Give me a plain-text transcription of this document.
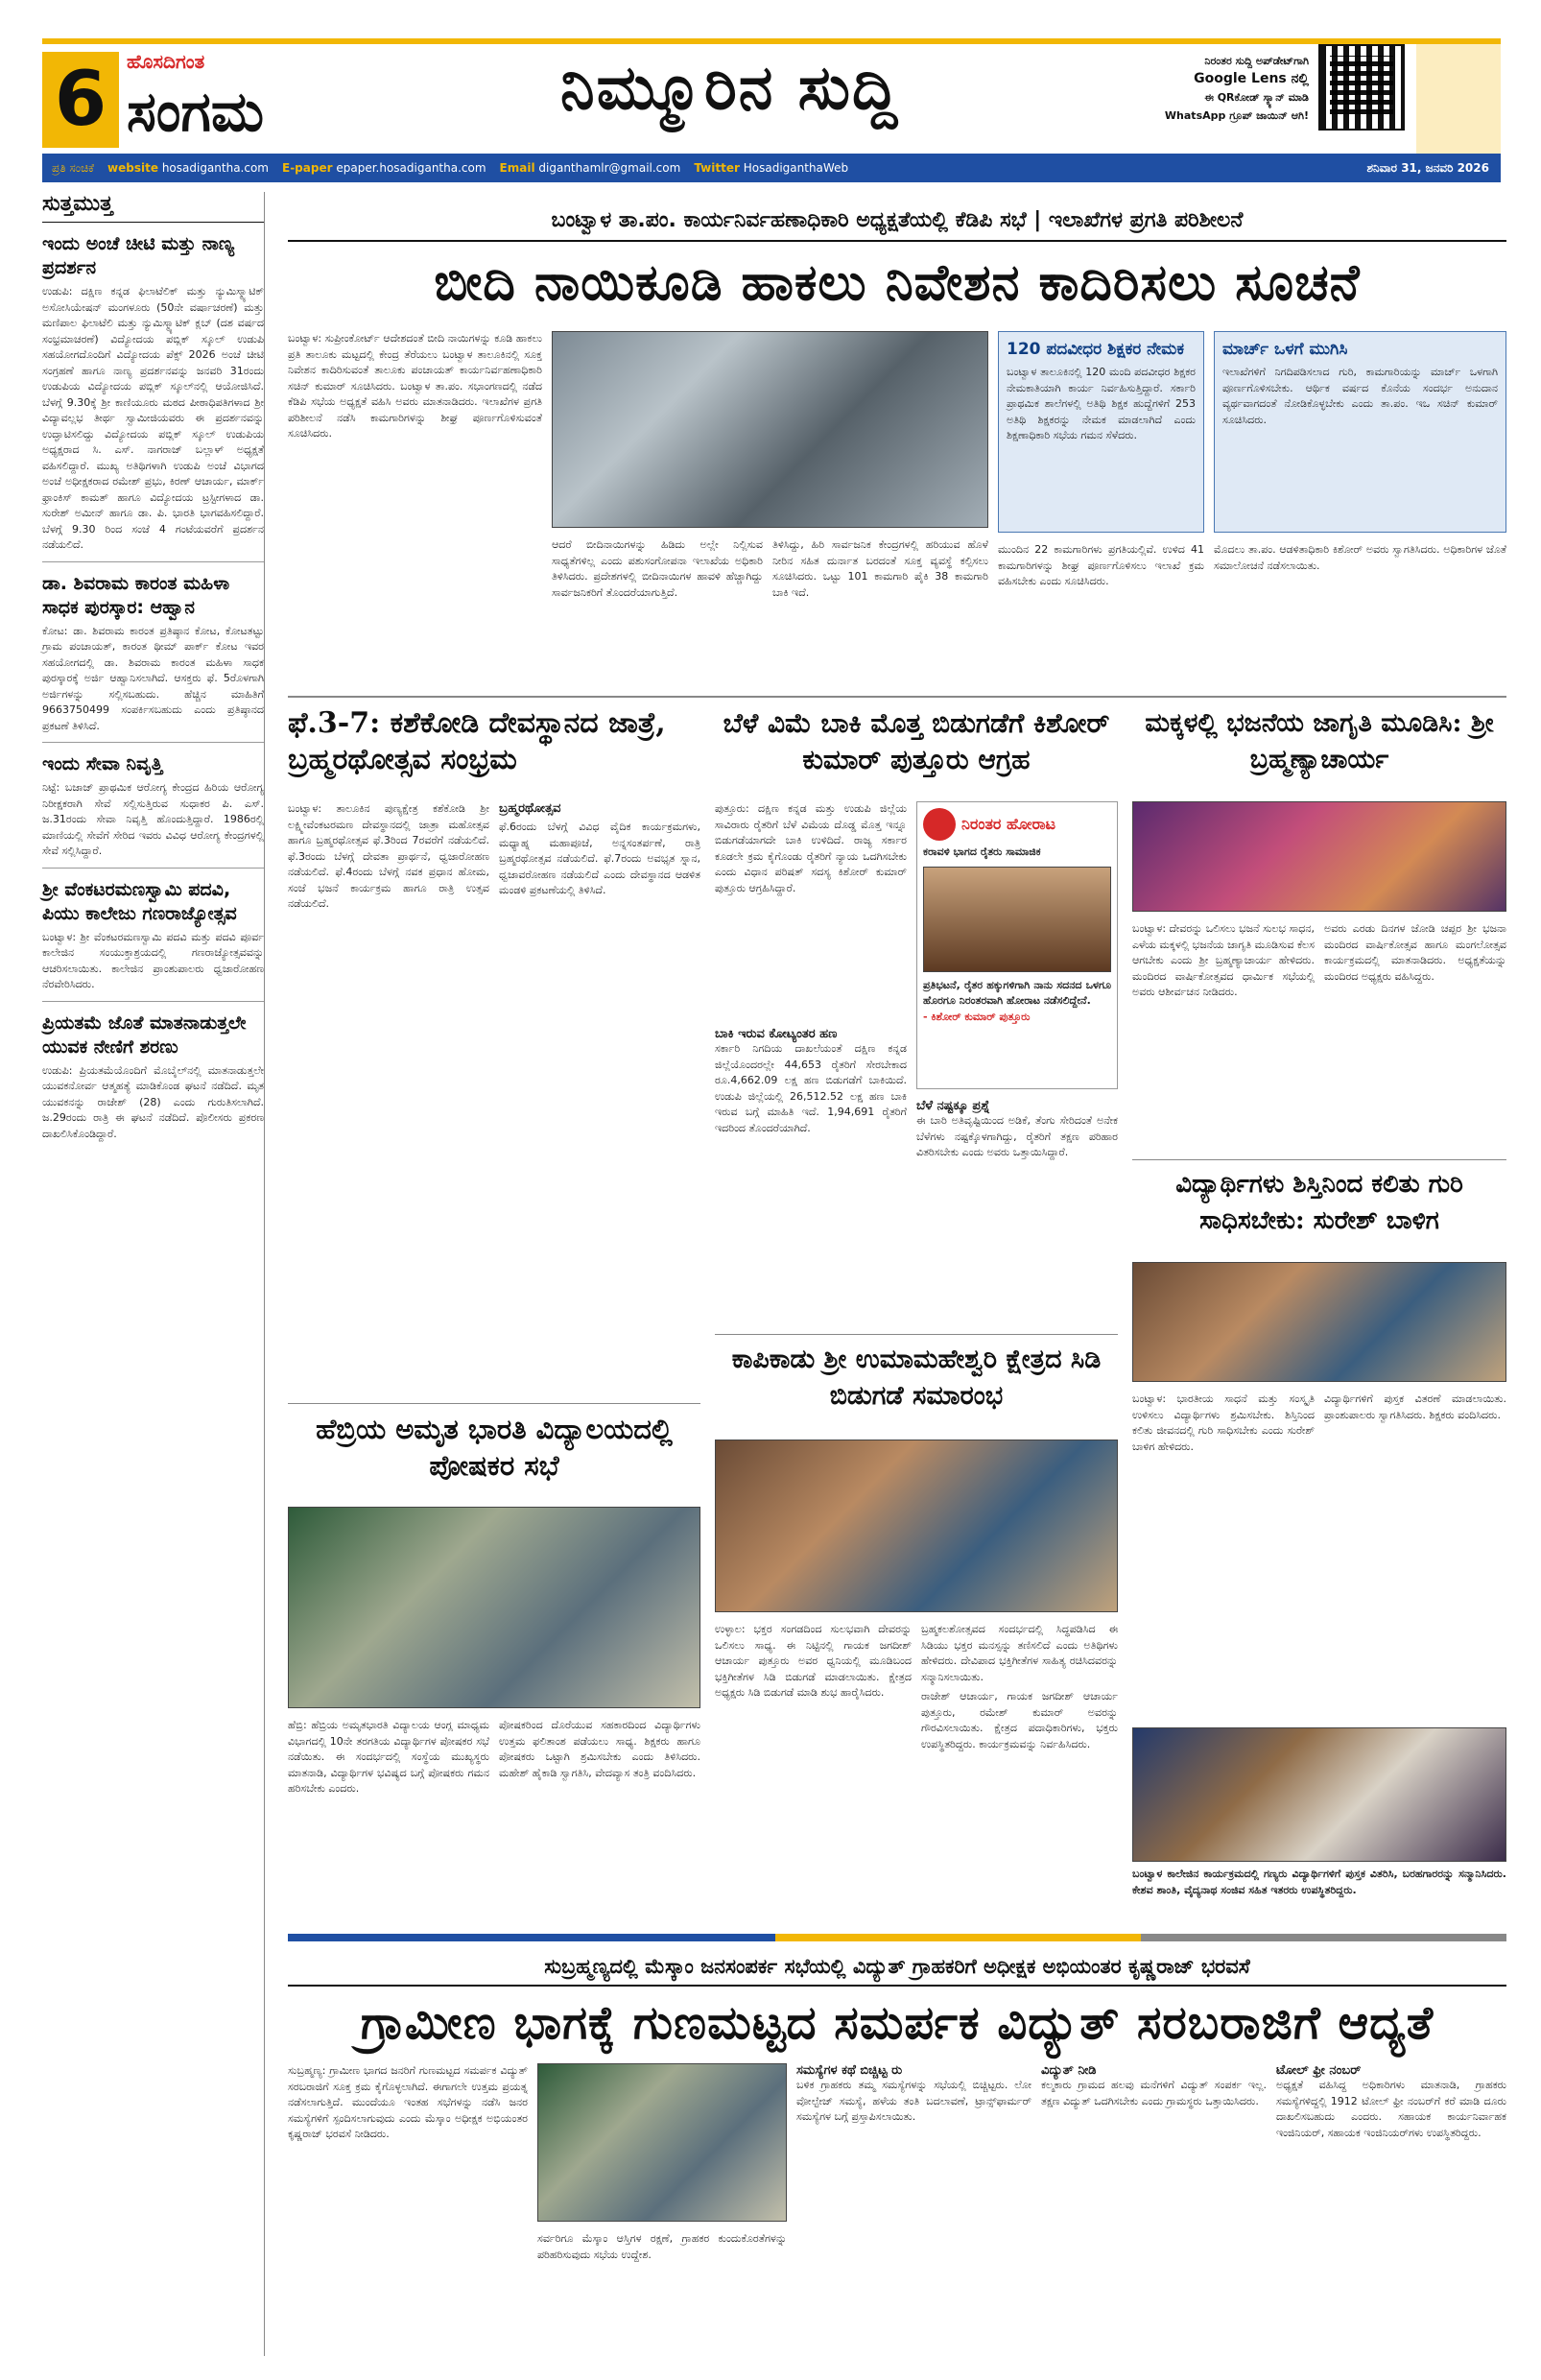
6	ಹೊಸದಿಗಂತ
ಸಂಗಮ	ನಿಮ್ಮೂರಿನ ಸುದ್ದಿ	ನಿರಂತರ ಸುದ್ದಿ ಅಪ್‌ಡೇಟ್‌ಗಾಗಿ
Google Lens ನಲ್ಲಿ
ಈ QRಕೋಡ್ ಸ್ಕ್ಯಾನ್ ಮಾಡಿ
WhatsApp ಗ್ರೂಪ್ ಜಾಯಿನ್ ಆಗಿ!
ಪ್ರತಿ ಸಂಚಿಕೆ website hosadigantha.com E-paper epaper.hosadigantha.com Email diganthamlr@gmail.com Twitter HosadiganthaWeb	ಶನಿವಾರ 31, ಜನವರಿ 2026
ಸುತ್ತಮುತ್ತ
ಇಂದು ಅಂಚೆ ಚೀಟಿ ಮತ್ತು ನಾಣ್ಯ ಪ್ರದರ್ಶನ
ಉಡುಪಿ: ದಕ್ಷಿಣ ಕನ್ನಡ ಫಿಲಾಟೆಲಿಕ್ ಮತ್ತು ನ್ಯುಮಿಸ್ಮ್ಯಾಟಿಕ್ ಅಸೋಸಿಯೇಷನ್ ಮಂಗಳೂರು (50ನೇ ವರ್ಷಾಚರಣೆ) ಮತ್ತು ಮಣಿಪಾಲ ಫಿಲಾಟೆಲಿ ಮತ್ತು ನ್ಯುಮಿಸ್ಮ್ಯಾಟಿಕ್ ಕ್ಲಬ್ (ದಶ ವರ್ಷದ ಸಂಭ್ರಮಾಚರಣೆ) ವಿದ್ಯೋದಯ ಪಬ್ಲಿಕ್ ಸ್ಕೂಲ್ ಉಡುಪಿ ಸಹಯೋಗದೊಂದಿಗೆ ವಿದ್ಯೋದಯ ಪೆಕ್ಸ್ 2026 ಅಂಚೆ ಚೀಟಿ ಸಂಗ್ರಹಣೆ ಹಾಗೂ ನಾಣ್ಯ ಪ್ರದರ್ಶನವನ್ನು ಜನವರಿ 31ರಂದು ಉಡುಪಿಯ ವಿದ್ಯೋದಯ ಪಬ್ಲಿಕ್ ಸ್ಕೂಲ್‌ನಲ್ಲಿ ಆಯೋಜಿಸಿದೆ. ಬೆಳಗ್ಗೆ 9.30ಕ್ಕೆ ಶ್ರೀ ಕಾಣಿಯೂರು ಮಠದ ಪೀಠಾಧಿಪತಿಗಳಾದ ಶ್ರೀ ವಿದ್ಯಾವಲ್ಲಭ ತೀರ್ಥ ಸ್ವಾಮೀಜಿಯವರು ಈ ಪ್ರದರ್ಶನವನ್ನು ಉದ್ಘಾಟಿಸಲಿದ್ದು ವಿದ್ಯೋದಯ ಪಬ್ಲಿಕ್ ಸ್ಕೂಲ್ ಉಡುಪಿಯ ಅಧ್ಯಕ್ಷರಾದ ಸಿ. ಎಸ್. ನಾಗರಾಜ್ ಬಲ್ಲಾಳ್ ಅಧ್ಯಕ್ಷತೆ ವಹಿಸಲಿದ್ದಾರೆ. ಮುಖ್ಯ ಅತಿಥಿಗಳಾಗಿ ಉಡುಪಿ ಅಂಚೆ ವಿಭಾಗದ ಅಂಚೆ ಅಧೀಕ್ಷಕರಾದ ರಮೇಶ್ ಪ್ರಭು, ಕಿರಣ್ ಆಚಾರ್ಯ, ಮಾರ್ಕ್ ಫ್ರಾಂಕಿಸ್ ಕಾಮತ್ ಹಾಗೂ ವಿದ್ಯೋದಯ ಟ್ರಸ್ಟೀಗಳಾದ ಡಾ. ಸುರೇಶ್ ಅಮೀನ್ ಹಾಗೂ ಡಾ. ಪಿ. ಭಾರತಿ ಭಾಗವಹಿಸಲಿದ್ದಾರೆ. ಬೆಳಗ್ಗೆ 9.30 ರಿಂದ ಸಂಜೆ 4 ಗಂಟೆಯವರೆಗೆ ಪ್ರದರ್ಶನ ನಡೆಯಲಿದೆ.
ಡಾ. ಶಿವರಾಮ ಕಾರಂತ ಮಹಿಳಾ ಸಾಧಕ ಪುರಸ್ಕಾರ: ಆಹ್ವಾನ
ಕೋಟ: ಡಾ. ಶಿವರಾಮ ಕಾರಂತ ಪ್ರತಿಷ್ಠಾನ ಕೋಟ, ಕೋಟತಟ್ಟು ಗ್ರಾಮ ಪಂಚಾಯತ್, ಕಾರಂತ ಥೀಮ್ ಪಾರ್ಕ್ ಕೋಟ ಇವರ ಸಹಯೋಗದಲ್ಲಿ ಡಾ. ಶಿವರಾಮ ಕಾರಂತ ಮಹಿಳಾ ಸಾಧಕ ಪುರಸ್ಕಾರಕ್ಕೆ ಅರ್ಜಿ ಆಹ್ವಾನಿಸಲಾಗಿದೆ. ಆಸಕ್ತರು ಫೆ. 5ರೊಳಗಾಗಿ ಅರ್ಜಿಗಳನ್ನು ಸಲ್ಲಿಸಬಹುದು. ಹೆಚ್ಚಿನ ಮಾಹಿತಿಗೆ 9663750499 ಸಂಪರ್ಕಿಸಬಹುದು ಎಂದು ಪ್ರತಿಷ್ಠಾನದ ಪ್ರಕಟಣೆ ತಿಳಿಸಿದೆ.
ಇಂದು ಸೇವಾ ನಿವೃತ್ತಿ
ನಿಟ್ಟೆ: ಬಜಾಜ್ ಪ್ರಾಥಮಿಕ ಆರೋಗ್ಯ ಕೇಂದ್ರದ ಹಿರಿಯ ಆರೋಗ್ಯ ನಿರೀಕ್ಷಕರಾಗಿ ಸೇವೆ ಸಲ್ಲಿಸುತ್ತಿರುವ ಸುಧಾಕರ ಪಿ. ಎಸ್. ಜ.31ರಂದು ಸೇವಾ ನಿವೃತ್ತಿ ಹೊಂದುತ್ತಿದ್ದಾರೆ. 1986ರಲ್ಲಿ ಮಾಣಿಯಲ್ಲಿ ಸೇವೆಗೆ ಸೇರಿದ ಇವರು ವಿವಿಧ ಆರೋಗ್ಯ ಕೇಂದ್ರಗಳಲ್ಲಿ ಸೇವೆ ಸಲ್ಲಿಸಿದ್ದಾರೆ.
ಶ್ರೀ ವೆಂಕಟರಮಣಸ್ವಾಮಿ ಪದವಿ, ಪಿಯು ಕಾಲೇಜು ಗಣರಾಜ್ಯೋತ್ಸವ
ಬಂಟ್ವಾಳ: ಶ್ರೀ ವೆಂಕಟರಮಣಸ್ವಾಮಿ ಪದವಿ ಮತ್ತು ಪದವಿ ಪೂರ್ವ ಕಾಲೇಜಿನ ಸಂಯುಕ್ತಾಶ್ರಯದಲ್ಲಿ ಗಣರಾಜ್ಯೋತ್ಸವವನ್ನು ಆಚರಿಸಲಾಯಿತು. ಕಾಲೇಜಿನ ಪ್ರಾಂಶುಪಾಲರು ಧ್ವಜಾರೋಹಣ ನೆರವೇರಿಸಿದರು.
ಪ್ರಿಯತಮೆ ಜೊತೆ ಮಾತನಾಡುತ್ತಲೇ ಯುವಕ ನೇಣಿಗೆ ಶರಣು
ಉಡುಪಿ: ಪ್ರಿಯತಮೆಯೊಂದಿಗೆ ಮೊಬೈಲ್‌ನಲ್ಲಿ ಮಾತನಾಡುತ್ತಲೇ ಯುವಕನೋರ್ವ ಆತ್ಮಹತ್ಯೆ ಮಾಡಿಕೊಂಡ ಘಟನೆ ನಡೆದಿದೆ. ಮೃತ ಯುವಕನನ್ನು ರಾಜೇಶ್ (28) ಎಂದು ಗುರುತಿಸಲಾಗಿದೆ. ಜ.29ರಂದು ರಾತ್ರಿ ಈ ಘಟನೆ ನಡೆದಿದೆ. ಪೊಲೀಸರು ಪ್ರಕರಣ ದಾಖಲಿಸಿಕೊಂಡಿದ್ದಾರೆ.
ಬಂಟ್ವಾಳ ತಾ.ಪಂ. ಕಾರ್ಯನಿರ್ವಹಣಾಧಿಕಾರಿ ಅಧ್ಯಕ್ಷತೆಯಲ್ಲಿ ಕೆಡಿಪಿ ಸಭೆ | ಇಲಾಖೆಗಳ ಪ್ರಗತಿ ಪರಿಶೀಲನೆ
ಬೀದಿ ನಾಯಿಕೂಡಿ ಹಾಕಲು ನಿವೇಶನ ಕಾದಿರಿಸಲು ಸೂಚನೆ
ಬಂಟ್ವಾಳ: ಸುಪ್ರೀಂಕೋರ್ಟ್ ಆದೇಶದಂತೆ ಬೀದಿ ನಾಯಿಗಳನ್ನು ಕೂಡಿ ಹಾಕಲು ಪ್ರತಿ ತಾಲೂಕು ಮಟ್ಟದಲ್ಲಿ ಕೇಂದ್ರ ತೆರೆಯಲು ಬಂಟ್ವಾಳ ತಾಲೂಕಿನಲ್ಲಿ ಸೂಕ್ತ ನಿವೇಶನ ಕಾದಿರಿಸುವಂತೆ ತಾಲೂಕು ಪಂಚಾಯತ್ ಕಾರ್ಯನಿರ್ವಹಣಾಧಿಕಾರಿ ಸಚಿನ್ ಕುಮಾರ್ ಸೂಚಿಸಿದರು. ಬಂಟ್ವಾಳ ತಾ.ಪಂ. ಸಭಾಂಗಣದಲ್ಲಿ ನಡೆದ ಕೆಡಿಪಿ ಸಭೆಯ ಅಧ್ಯಕ್ಷತೆ ವಹಿಸಿ ಅವರು ಮಾತನಾಡಿದರು. ಇಲಾಖೆಗಳ ಪ್ರಗತಿ ಪರಿಶೀಲನೆ ನಡೆಸಿ ಕಾಮಗಾರಿಗಳನ್ನು ಶೀಘ್ರ ಪೂರ್ಣಗೊಳಿಸುವಂತೆ ಸೂಚಿಸಿದರು.
ಆದರೆ ಬೀದಿನಾಯಿಗಳನ್ನು ಹಿಡಿದು ಅಲ್ಲೇ ನಿಲ್ಲಿಸುವ ಸಾಧ್ಯತೆಗಳಿಲ್ಲ ಎಂದು ಪಶುಸಂಗೋಪನಾ ಇಲಾಖೆಯ ಅಧಿಕಾರಿ ತಿಳಿಸಿದರು. ಪ್ರದೇಶಗಳಲ್ಲಿ ಬೀದಿನಾಯಿಗಳ ಹಾವಳಿ ಹೆಚ್ಚಾಗಿದ್ದು ಸಾರ್ವಜನಿಕರಿಗೆ ತೊಂದರೆಯಾಗುತ್ತಿದೆ.
ತಿಳಿಸಿದ್ದು, ಹಿರಿ ಸಾರ್ವಜನಿಕ ಕೇಂದ್ರಗಳಲ್ಲಿ ಹರಿಯುವ ಹೊಳೆ ನೀರಿನ ಸಹಿತ ದುರ್ನಾತ ಬರದಂತೆ ಸೂಕ್ತ ವ್ಯವಸ್ಥೆ ಕಲ್ಪಿಸಲು ಸೂಚಿಸಿದರು. ಒಟ್ಟು 101 ಕಾಮಗಾರಿ ಪೈಕಿ 38 ಕಾಮಗಾರಿ ಬಾಕಿ ಇದೆ.
120 ಪದವೀಧರ ಶಿಕ್ಷಕರ ನೇಮಕ
ಬಂಟ್ವಾಳ ತಾಲೂಕಿನಲ್ಲಿ 120 ಮಂದಿ ಪದವೀಧರ ಶಿಕ್ಷಕರ ನೇಮಕಾತಿಯಾಗಿ ಕಾರ್ಯ ನಿರ್ವಹಿಸುತ್ತಿದ್ದಾರೆ. ಸರ್ಕಾರಿ ಪ್ರಾಥಮಿಕ ಶಾಲೆಗಳಲ್ಲಿ ಅತಿಥಿ ಶಿಕ್ಷಕ ಹುದ್ದೆಗಳಿಗೆ 253 ಅತಿಥಿ ಶಿಕ್ಷಕರನ್ನು ನೇಮಕ ಮಾಡಲಾಗಿದೆ ಎಂದು ಶಿಕ್ಷಣಾಧಿಕಾರಿ ಸಭೆಯ ಗಮನ ಸೆಳೆದರು.
ಮುಂದಿನ 22 ಕಾಮಗಾರಿಗಳು ಪ್ರಗತಿಯಲ್ಲಿವೆ. ಉಳಿದ 41 ಕಾಮಗಾರಿಗಳನ್ನು ಶೀಘ್ರ ಪೂರ್ಣಗೊಳಿಸಲು ಇಲಾಖೆ ಕ್ರಮ ವಹಿಸಬೇಕು ಎಂದು ಸೂಚಿಸಿದರು.
ಮಾರ್ಚ್ ಒಳಗೆ ಮುಗಿಸಿ
ಇಲಾಖೆಗಳಿಗೆ ನಿಗದಿಪಡಿಸಲಾದ ಗುರಿ, ಕಾಮಗಾರಿಯನ್ನು ಮಾರ್ಚ್ ಒಳಗಾಗಿ ಪೂರ್ಣಗೊಳಿಸಬೇಕು. ಆರ್ಥಿಕ ವರ್ಷದ ಕೊನೆಯ ಸಂದರ್ಭ ಅನುದಾನ ವ್ಯರ್ಥವಾಗದಂತೆ ನೋಡಿಕೊಳ್ಳಬೇಕು ಎಂದು ತಾ.ಪಂ. ಇಒ ಸಚಿನ್ ಕುಮಾರ್ ಸೂಚಿಸಿದರು.
ಮೊದಲು ತಾ.ಪಂ. ಆಡಳಿತಾಧಿಕಾರಿ ಕಿಶೋರ್ ಅವರು ಸ್ವಾಗತಿಸಿದರು. ಅಧಿಕಾರಿಗಳ ಜೊತೆ ಸಮಾಲೋಚನೆ ನಡೆಸಲಾಯಿತು.
ಫೆ.3-7: ಕಶೆಕೋಡಿ ದೇವಸ್ಥಾನದ ಜಾತ್ರೆ, ಬ್ರಹ್ಮರಥೋತ್ಸವ ಸಂಭ್ರಮ
ಬಂಟ್ವಾಳ: ತಾಲೂಕಿನ ಪುಣ್ಯಕ್ಷೇತ್ರ ಕಶೆಕೋಡಿ ಶ್ರೀ ಲಕ್ಷ್ಮೀವೆಂಕಟರಮಣ ದೇವಸ್ಥಾನದಲ್ಲಿ ಜಾತ್ರಾ ಮಹೋತ್ಸವ ಹಾಗೂ ಬ್ರಹ್ಮರಥೋತ್ಸವ ಫೆ.3ರಿಂದ 7ರವರೆಗೆ ನಡೆಯಲಿದೆ. ಫೆ.3ರಂದು ಬೆಳಗ್ಗೆ ದೇವತಾ ಪ್ರಾರ್ಥನೆ, ಧ್ವಜಾರೋಹಣ ನಡೆಯಲಿದೆ. ಫೆ.4ರಂದು ಬೆಳಗ್ಗೆ ನವಕ ಪ್ರಧಾನ ಹೋಮ, ಸಂಜೆ ಭಜನೆ ಕಾರ್ಯಕ್ರಮ ಹಾಗೂ ರಾತ್ರಿ ಉತ್ಸವ ನಡೆಯಲಿದೆ.
ಬ್ರಹ್ಮರಥೋತ್ಸವ
ಫೆ.6ರಂದು ಬೆಳಗ್ಗೆ ವಿವಿಧ ವೈದಿಕ ಕಾರ್ಯಕ್ರಮಗಳು, ಮಧ್ಯಾಹ್ನ ಮಹಾಪೂಜೆ, ಅನ್ನಸಂತರ್ಪಣೆ, ರಾತ್ರಿ ಬ್ರಹ್ಮರಥೋತ್ಸವ ನಡೆಯಲಿದೆ. ಫೆ.7ರಂದು ಅವಭೃತ ಸ್ನಾನ, ಧ್ವಜಾವರೋಹಣ ನಡೆಯಲಿದೆ ಎಂದು ದೇವಸ್ಥಾನದ ಆಡಳಿತ ಮಂಡಳಿ ಪ್ರಕಟಣೆಯಲ್ಲಿ ತಿಳಿಸಿದೆ.
ಬೆಳೆ ವಿಮೆ ಬಾಕಿ ಮೊತ್ತ ಬಿಡುಗಡೆಗೆ ಕಿಶೋರ್ ಕುಮಾರ್ ಪುತ್ತೂರು ಆಗ್ರಹ
ಪುತ್ತೂರು: ದಕ್ಷಿಣ ಕನ್ನಡ ಮತ್ತು ಉಡುಪಿ ಜಿಲ್ಲೆಯ ಸಾವಿರಾರು ರೈತರಿಗೆ ಬೆಳೆ ವಿಮೆಯ ದೊಡ್ಡ ಮೊತ್ತ ಇನ್ನೂ ಬಿಡುಗಡೆಯಾಗದೇ ಬಾಕಿ ಉಳಿದಿದೆ. ರಾಜ್ಯ ಸರ್ಕಾರ ಕೂಡಲೇ ಕ್ರಮ ಕೈಗೊಂಡು ರೈತರಿಗೆ ನ್ಯಾಯ ಒದಗಿಸಬೇಕು ಎಂದು ವಿಧಾನ ಪರಿಷತ್ ಸದಸ್ಯ ಕಿಶೋರ್ ಕುಮಾರ್ ಪುತ್ತೂರು ಆಗ್ರಹಿಸಿದ್ದಾರೆ.
ನಿರಂತರ ಹೋರಾಟ
ಕರಾವಳಿ ಭಾಗದ ರೈತರು ಸಾಮಾಜಿಕ
ಪ್ರತಿಭಟನೆ, ರೈತರ ಹಕ್ಕುಗಳಿಗಾಗಿ ನಾನು ಸದನದ ಒಳಗೂ ಹೊರಗೂ ನಿರಂತರವಾಗಿ ಹೋರಾಟ ನಡೆಸಲಿದ್ದೇನೆ.
- ಕಿಶೋರ್ ಕುಮಾರ್ ಪುತ್ತೂರು
ಬಾಕಿ ಇರುವ ಕೋಟ್ಯಂತರ ಹಣ
ಸರ್ಕಾರಿ ನಿಗದಿಯ ದಾಖಲೆಯಂತೆ ದಕ್ಷಿಣ ಕನ್ನಡ ಜಿಲ್ಲೆಯೊಂದರಲ್ಲೇ 44,653 ರೈತರಿಗೆ ಸೇರಬೇಕಾದ ರೂ.4,662.09 ಲಕ್ಷ ಹಣ ಬಿಡುಗಡೆಗೆ ಬಾಕಿಯಿದೆ. ಉಡುಪಿ ಜಿಲ್ಲೆಯಲ್ಲಿ 26,512.52 ಲಕ್ಷ ಹಣ ಬಾಕಿ ಇರುವ ಬಗ್ಗೆ ಮಾಹಿತಿ ಇದೆ. 1,94,691 ರೈತರಿಗೆ ಇದರಿಂದ ತೊಂದರೆಯಾಗಿದೆ.
ಬೆಳೆ ನಷ್ಟಕ್ಕೂ ಪ್ರಶ್ನೆ
ಈ ಬಾರಿ ಅತಿವೃಷ್ಟಿಯಿಂದ ಅಡಿಕೆ, ತೆಂಗು ಸೇರಿದಂತೆ ಅನೇಕ ಬೆಳೆಗಳು ನಷ್ಟಕ್ಕೊಳಗಾಗಿದ್ದು, ರೈತರಿಗೆ ತಕ್ಷಣ ಪರಿಹಾರ ವಿತರಿಸಬೇಕು ಎಂದು ಅವರು ಒತ್ತಾಯಿಸಿದ್ದಾರೆ.
ಮಕ್ಕಳಲ್ಲಿ ಭಜನೆಯ ಜಾಗೃತಿ ಮೂಡಿಸಿ: ಶ್ರೀ ಬ್ರಹ್ಮಣ್ಯಾಚಾರ್ಯ
ಬಂಟ್ವಾಳ: ದೇವರನ್ನು ಒಲಿಸಲು ಭಜನೆ ಸುಲಭ ಸಾಧನ, ಎಳೆಯ ಮಕ್ಕಳಲ್ಲಿ ಭಜನೆಯ ಜಾಗೃತಿ ಮೂಡಿಸುವ ಕೆಲಸ ಆಗಬೇಕು ಎಂದು ಶ್ರೀ ಬ್ರಹ್ಮಣ್ಯಾಚಾರ್ಯ ಹೇಳಿದರು. ಮಂದಿರದ ವಾರ್ಷಿಕೋತ್ಸವದ ಧಾರ್ಮಿಕ ಸಭೆಯಲ್ಲಿ ಅವರು ಆಶೀರ್ವಚನ ನೀಡಿದರು.
ಅವರು ಎರಡು ದಿನಗಳ ಜೋಡಿ ಚಪ್ಪರ ಶ್ರೀ ಭಜನಾ ಮಂದಿರದ ವಾರ್ಷಿಕೋತ್ಸವ ಹಾಗೂ ಮಂಗಲೋತ್ಸವ ಕಾರ್ಯಕ್ರಮದಲ್ಲಿ ಮಾತನಾಡಿದರು. ಅಧ್ಯಕ್ಷತೆಯನ್ನು ಮಂದಿರದ ಅಧ್ಯಕ್ಷರು ವಹಿಸಿದ್ದರು.
ವಿದ್ಯಾರ್ಥಿಗಳು ಶಿಸ್ತಿನಿಂದ ಕಲಿತು ಗುರಿ ಸಾಧಿಸಬೇಕು: ಸುರೇಶ್ ಬಾಳಿಗ
ಬಂಟ್ವಾಳ: ಭಾರತೀಯ ಸಾಧನೆ ಮತ್ತು ಸಂಸ್ಕೃತಿ ಉಳಿಸಲು ವಿದ್ಯಾರ್ಥಿಗಳು ಶ್ರಮಿಸಬೇಕು. ಶಿಸ್ತಿನಿಂದ ಕಲಿತು ಜೀವನದಲ್ಲಿ ಗುರಿ ಸಾಧಿಸಬೇಕು ಎಂದು ಸುರೇಶ್ ಬಾಳಿಗ ಹೇಳಿದರು.
ವಿದ್ಯಾರ್ಥಿಗಳಿಗೆ ಪುಸ್ತಕ ವಿತರಣೆ ಮಾಡಲಾಯಿತು. ಪ್ರಾಂಶುಪಾಲರು ಸ್ವಾಗತಿಸಿದರು. ಶಿಕ್ಷಕರು ವಂದಿಸಿದರು.
ಬಂಟ್ವಾಳ ಕಾಲೇಜಿನ ಕಾರ್ಯಕ್ರಮದಲ್ಲಿ ಗಣ್ಯರು ವಿದ್ಯಾರ್ಥಿಗಳಿಗೆ ಪುಸ್ತಕ ವಿತರಿಸಿ, ಬರಹಗಾರರನ್ನು ಸನ್ಮಾನಿಸಿದರು. ಕೇಶವ ಶಾಂತಿ, ವೈದ್ಯನಾಥ ಸಂಜಿವ ಸಹಿತ ಇತರರು ಉಪಸ್ಥಿತರಿದ್ದರು.
ಹೆಬ್ರಿಯ ಅಮೃತ ಭಾರತಿ ವಿದ್ಯಾಲಯದಲ್ಲಿ ಪೋಷಕರ ಸಭೆ
ಹೆಬ್ರಿ: ಹೆಬ್ರಿಯ ಅಮೃತಭಾರತಿ ವಿದ್ಯಾಲಯ ಆಂಗ್ಲ ಮಾಧ್ಯಮ ವಿಭಾಗದಲ್ಲಿ 10ನೇ ತರಗತಿಯ ವಿದ್ಯಾರ್ಥಿಗಳ ಪೋಷಕರ ಸಭೆ ನಡೆಯಿತು. ಈ ಸಂದರ್ಭದಲ್ಲಿ ಸಂಸ್ಥೆಯ ಮುಖ್ಯಸ್ಥರು ಮಾತನಾಡಿ, ವಿದ್ಯಾರ್ಥಿಗಳ ಭವಿಷ್ಯದ ಬಗ್ಗೆ ಪೋಷಕರು ಗಮನ ಹರಿಸಬೇಕು ಎಂದರು.
ಪೋಷಕರಿಂದ ದೊರೆಯುವ ಸಹಕಾರದಿಂದ ವಿದ್ಯಾರ್ಥಿಗಳು ಉತ್ತಮ ಫಲಿತಾಂಶ ಪಡೆಯಲು ಸಾಧ್ಯ. ಶಿಕ್ಷಕರು ಹಾಗೂ ಪೋಷಕರು ಒಟ್ಟಾಗಿ ಶ್ರಮಿಸಬೇಕು ಎಂದು ತಿಳಿಸಿದರು. ಮಹೇಶ್ ಹೈಕಾಡಿ ಸ್ವಾಗತಿಸಿ, ವೇದವ್ಯಾಸ ತಂತ್ರಿ ವಂದಿಸಿದರು.
ಕಾಪಿಕಾಡು ಶ್ರೀ ಉಮಾಮಹೇಶ್ವರಿ ಕ್ಷೇತ್ರದ ಸಿಡಿ ಬಿಡುಗಡೆ ಸಮಾರಂಭ
ಉಳ್ಳಾಲ: ಭಕ್ತರ ಸಂಗಡದಿಂದ ಸುಲಭವಾಗಿ ದೇವರನ್ನು ಒಲಿಸಲು ಸಾಧ್ಯ. ಈ ನಿಟ್ಟಿನಲ್ಲಿ ಗಾಯಕ ಜಗದೀಶ್ ಆಚಾರ್ಯ ಪುತ್ತೂರು ಅವರ ಧ್ವನಿಯಲ್ಲಿ ಮೂಡಿಬಂದ ಭಕ್ತಿಗೀತೆಗಳ ಸಿಡಿ ಬಿಡುಗಡೆ ಮಾಡಲಾಯಿತು. ಕ್ಷೇತ್ರದ ಅಧ್ಯಕ್ಷರು ಸಿಡಿ ಬಿಡುಗಡೆ ಮಾಡಿ ಶುಭ ಹಾರೈಸಿದರು.
ಬ್ರಹ್ಮಕಲಶೋತ್ಸವದ ಸಂದರ್ಭದಲ್ಲಿ ಸಿದ್ಧಪಡಿಸಿದ ಈ ಸಿಡಿಯು ಭಕ್ತರ ಮನಸ್ಸನ್ನು ತಣಿಸಲಿದೆ ಎಂದು ಅತಿಥಿಗಳು ಹೇಳಿದರು. ದೇವಿಪಾದ ಭಕ್ತಿಗೀತೆಗಳ ಸಾಹಿತ್ಯ ರಚಿಸಿದವರನ್ನು ಸನ್ಮಾನಿಸಲಾಯಿತು.
ರಾಜೇಶ್ ಆಚಾರ್ಯ, ಗಾಯಕ ಜಗದೀಶ್ ಆಚಾರ್ಯ ಪುತ್ತೂರು, ರಮೇಶ್ ಕುಮಾರ್ ಅವರನ್ನು ಗೌರವಿಸಲಾಯಿತು. ಕ್ಷೇತ್ರದ ಪದಾಧಿಕಾರಿಗಳು, ಭಕ್ತರು ಉಪಸ್ಥಿತರಿದ್ದರು. ಕಾರ್ಯಕ್ರಮವನ್ನು ನಿರ್ವಹಿಸಿದರು.
ಸುಬ್ರಹ್ಮಣ್ಯದಲ್ಲಿ ಮೆಸ್ಕಾಂ ಜನಸಂಪರ್ಕ ಸಭೆಯಲ್ಲಿ ವಿದ್ಯುತ್ ಗ್ರಾಹಕರಿಗೆ ಅಧೀಕ್ಷಕ ಅಭಿಯಂತರ ಕೃಷ್ಣರಾಜ್ ಭರವಸೆ
ಗ್ರಾಮೀಣ ಭಾಗಕ್ಕೆ ಗುಣಮಟ್ಟದ ಸಮರ್ಪಕ ವಿದ್ಯುತ್ ಸರಬರಾಜಿಗೆ ಆದ್ಯತೆ
ಸುಬ್ರಹ್ಮಣ್ಯ: ಗ್ರಾಮೀಣ ಭಾಗದ ಜನರಿಗೆ ಗುಣಮಟ್ಟದ ಸಮರ್ಪಕ ವಿದ್ಯುತ್ ಸರಬರಾಜಿಗೆ ಸೂಕ್ತ ಕ್ರಮ ಕೈಗೊಳ್ಳಲಾಗಿದೆ. ಈಗಾಗಲೇ ಉತ್ತಮ ಪ್ರಯತ್ನ ನಡೆಸಲಾಗುತ್ತಿದೆ. ಮುಂದೆಯೂ ಇಂತಹ ಸಭೆಗಳನ್ನು ನಡೆಸಿ ಜನರ ಸಮಸ್ಯೆಗಳಿಗೆ ಸ್ಪಂದಿಸಲಾಗುವುದು ಎಂದು ಮೆಸ್ಕಾಂ ಅಧೀಕ್ಷಕ ಅಭಿಯಂತರ ಕೃಷ್ಣರಾಜ್ ಭರವಸೆ ನೀಡಿದರು.
ಸರ್ವರಿಗೂ ಮೆಸ್ಕಾಂ ಆಸ್ತಿಗಳ ರಕ್ಷಣೆ, ಗ್ರಾಹಕರ ಕುಂದುಕೊರತೆಗಳನ್ನು ಪರಿಹರಿಸುವುದು ಸಭೆಯ ಉದ್ದೇಶ.
ಸಮಸ್ಯೆಗಳ ಕಥೆ ಬಿಚ್ಚಿಟ್ಟ ರು
ಬಳಿಕ ಗ್ರಾಹಕರು ತಮ್ಮ ಸಮಸ್ಯೆಗಳನ್ನು ಸಭೆಯಲ್ಲಿ ಬಿಚ್ಚಿಟ್ಟರು. ಲೋ ವೋಲ್ಟೇಜ್ ಸಮಸ್ಯೆ, ಹಳೆಯ ತಂತಿ ಬದಲಾವಣೆ, ಟ್ರಾನ್ಸ್‌ಫಾರ್ಮರ್ ಸಮಸ್ಯೆಗಳ ಬಗ್ಗೆ ಪ್ರಸ್ತಾಪಿಸಲಾಯಿತು.
ವಿದ್ಯುತ್ ನೀಡಿ
ಕಲ್ಮಕಾರು ಗ್ರಾಮದ ಹಲವು ಮನೆಗಳಿಗೆ ವಿದ್ಯುತ್ ಸಂಪರ್ಕ ಇಲ್ಲ. ತಕ್ಷಣ ವಿದ್ಯುತ್ ಒದಗಿಸಬೇಕು ಎಂದು ಗ್ರಾಮಸ್ಥರು ಒತ್ತಾಯಿಸಿದರು.
ಟೋಲ್ ಫ್ರೀ ನಂಬರ್
ಅಧ್ಯಕ್ಷತೆ ವಹಿಸಿದ್ದ ಅಧಿಕಾರಿಗಳು ಮಾತನಾಡಿ, ಗ್ರಾಹಕರು ಸಮಸ್ಯೆಗಳಿದ್ದಲ್ಲಿ 1912 ಟೋಲ್ ಫ್ರೀ ನಂಬರ್‌ಗೆ ಕರೆ ಮಾಡಿ ದೂರು ದಾಖಲಿಸಬಹುದು ಎಂದರು. ಸಹಾಯಕ ಕಾರ್ಯನಿರ್ವಾಹಕ ಇಂಜಿನಿಯರ್, ಸಹಾಯಕ ಇಂಜಿನಿಯರ್‌ಗಳು ಉಪಸ್ಥಿತರಿದ್ದರು.
